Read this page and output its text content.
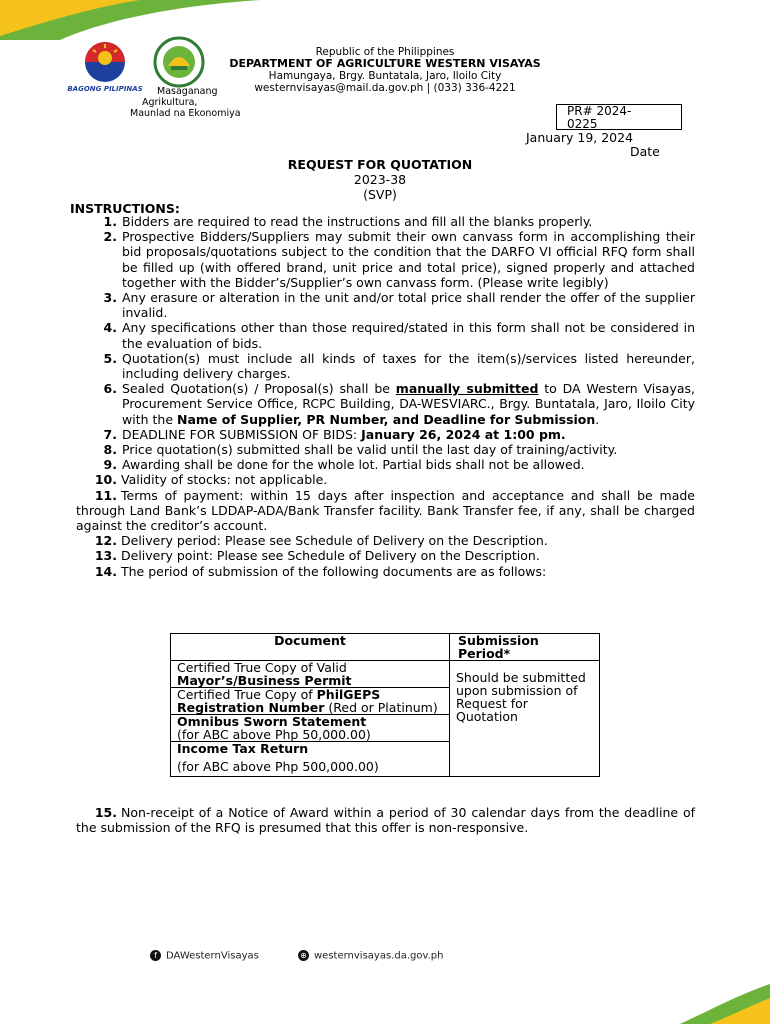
BAGONG PILIPINAS	Masaganang
Agrikultura,
Maunlad na Ekonomiya
Republic of the Philippines
DEPARTMENT OF AGRICULTURE WESTERN VISAYAS
Hamungaya, Brgy. Buntatala, Jaro, Iloilo City
westernvisayas@mail.da.gov.ph | (033) 336-4221
PR# 2024-
0225
January 19, 2024
Date
REQUEST FOR QUOTATION
2023-38
(SVP)
INSTRUCTIONS:
1. Bidders are required to read the instructions and fill all the blanks properly.
2. Prospective Bidders/Suppliers may submit their own canvass form in accomplishing their bid proposals/quotations subject to the condition that the DARFO VI official RFQ form shall be filled up (with offered brand, unit price and total price), signed properly and attached together with the Bidder’s/Supplier’s own canvass form. (Please write legibly)
3. Any erasure or alteration in the unit and/or total price shall render the offer of the supplier invalid.
4. Any specifications other than those required/stated in this form shall not be considered in the evaluation of bids.
5. Quotation(s) must include all kinds of taxes for the item(s)/services listed hereunder, including delivery charges.
6. Sealed Quotation(s) / Proposal(s) shall be manually submitted to DA Western Visayas, Procurement Service Office, RCPC Building, DA-WESVIARC., Brgy. Buntatala, Jaro, Iloilo City with the Name of Supplier, PR Number, and Deadline for Submission.
7. DEADLINE FOR SUBMISSION OF BIDS: January 26, 2024 at 1:00 pm.
8. Price quotation(s) submitted shall be valid until the last day of training/activity.
9. Awarding shall be done for the whole lot. Partial bids shall not be allowed.
10. Validity of stocks: not applicable.
11. Terms of payment: within 15 days after inspection and acceptance and shall be made through Land Bank’s LDDAP-ADA/Bank Transfer facility. Bank Transfer fee, if any, shall be charged against the creditor’s account.
12. Delivery period: Please see Schedule of Delivery on the Description.
13. Delivery point: Please see Schedule of Delivery on the Description.
14. The period of submission of the following documents are as follows:
Document	Submission Period*
Certified True Copy of Valid Mayor’s/Business Permit	Should be submitted upon submission of Request for Quotation
Certified True Copy of PhilGEPS Registration Number (Red or Platinum)	

Omnibus Sworn Statement
(for ABC above Php 50,000.00)	

Income Tax Return
(for ABC above Php 500,000.00)	
15. Non-receipt of a Notice of Award within a period of 30 calendar days from the deadline of the submission of the RFQ is presumed that this offer is non-responsive.
f DAWesternVisayas	⊕ westernvisayas.da.gov.ph
